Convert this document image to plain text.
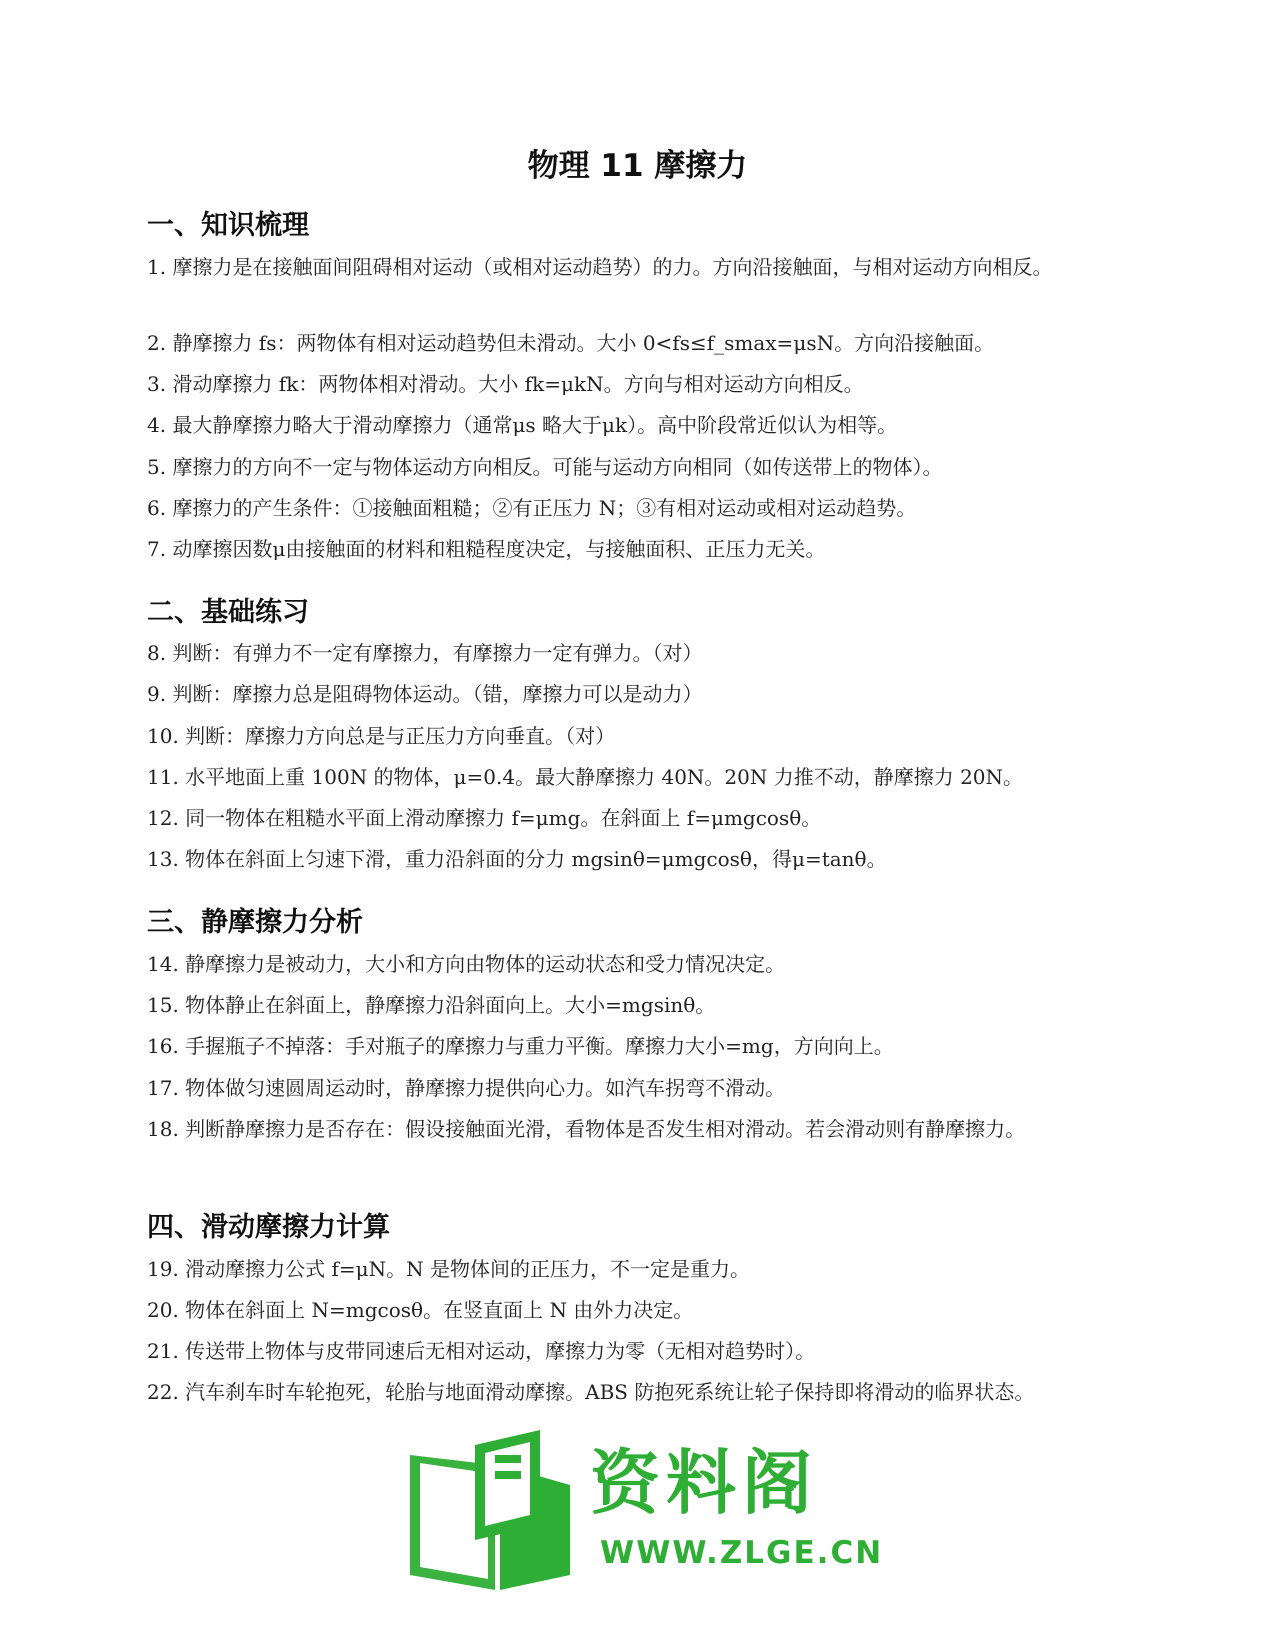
物理 11 摩擦力
一、知识梳理
1. 摩擦力是在接触面间阻碍相对运动（或相对运动趋势）的力。方向沿接触面，与相对运动方向相反。
2. 静摩擦力 fs：两物体有相对运动趋势但未滑动。大小 0<fs≤f_smax=μsN。方向沿接触面。
3. 滑动摩擦力 fk：两物体相对滑动。大小 fk=μkN。方向与相对运动方向相反。
4. 最大静摩擦力略大于滑动摩擦力（通常μs 略大于μk）。高中阶段常近似认为相等。
5. 摩擦力的方向不一定与物体运动方向相反。可能与运动方向相同（如传送带上的物体）。
6. 摩擦力的产生条件：①接触面粗糙；②有正压力 N；③有相对运动或相对运动趋势。
7. 动摩擦因数μ由接触面的材料和粗糙程度决定，与接触面积、正压力无关。
二、基础练习
8. 判断：有弹力不一定有摩擦力，有摩擦力一定有弹力。（对）
9. 判断：摩擦力总是阻碍物体运动。（错，摩擦力可以是动力）
10. 判断：摩擦力方向总是与正压力方向垂直。（对）
11. 水平地面上重 100N 的物体，μ=0.4。最大静摩擦力 40N。20N 力推不动，静摩擦力 20N。
12. 同一物体在粗糙水平面上滑动摩擦力 f=μmg。在斜面上 f=μmgcosθ。
13. 物体在斜面上匀速下滑，重力沿斜面的分力 mgsinθ=μmgcosθ，得μ=tanθ。
三、静摩擦力分析
14. 静摩擦力是被动力，大小和方向由物体的运动状态和受力情况决定。
15. 物体静止在斜面上，静摩擦力沿斜面向上。大小=mgsinθ。
16. 手握瓶子不掉落：手对瓶子的摩擦力与重力平衡。摩擦力大小=mg，方向向上。
17. 物体做匀速圆周运动时，静摩擦力提供向心力。如汽车拐弯不滑动。
18. 判断静摩擦力是否存在：假设接触面光滑，看物体是否发生相对滑动。若会滑动则有静摩擦力。
四、滑动摩擦力计算
19. 滑动摩擦力公式 f=μN。N 是物体间的正压力，不一定是重力。
20. 物体在斜面上 N=mgcosθ。在竖直面上 N 由外力决定。
21. 传送带上物体与皮带同速后无相对运动，摩擦力为零（无相对趋势时）。
22. 汽车刹车时车轮抱死，轮胎与地面滑动摩擦。ABS 防抱死系统让轮子保持即将滑动的临界状态。
资料阁
WWW.ZLGE.CN
